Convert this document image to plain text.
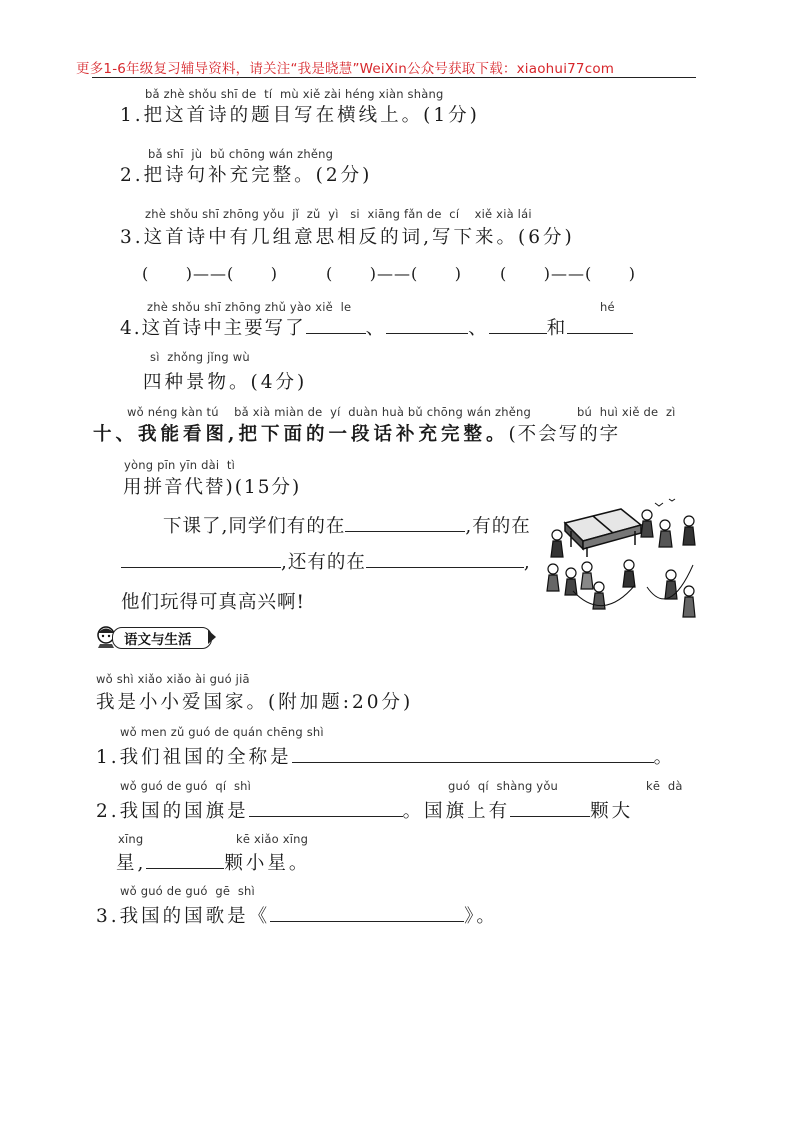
更多1-6年级复习辅导资料，请关注“我是晓慧”WeiXin公众号获取下载：xiaohui77com
bǎ zhè shǒu shī de  tí  mù xiě zài héng xiàn shàng
1.把这首诗的题目写在横线上。(1分)
bǎ shī  jù  bǔ chōng wán zhěng
2.把诗句补充完整。(2分)
zhè shǒu shī zhōng yǒu  jǐ  zǔ  yì   si  xiāng fǎn de  cí    xiě xià lái
3.这首诗中有几组意思相反的词,写下来。(6分)
(      )——(      )	(      )——(      ) (      )——(      )
zhè shǒu shī zhōng zhǔ yào xiě  le	hé
4.这首诗中主要写了	、	、	和
sì  zhǒng jǐng wù
四种景物。(4分)
wǒ néng kàn tú    bǎ xià miàn de  yí  duàn huà bǔ chōng wán zhěng	bú  huì xiě de  zì
十、我能看图,把下面的一段话补充完整。(不会写的字
yòng pīn yīn dài  tì
用拼音代替)(15分)
下课了,同学们有的在	,有的在
,还有的在	,
他们玩得可真高兴啊!
语文与生活
wǒ shì xiǎo xiǎo ài guó jiā
我是小小爱国家。(附加题:20分)
wǒ men zǔ guó de quán chēng shì
1.我们祖国的全称是	。
wǒ guó de guó  qí  shì	guó  qí  shàng yǒu	kē  dà
2.我国的国旗是	。国旗上有	颗大
xīng	kē xiǎo xīng
星,	颗小星。
wǒ guó de guó  gē  shì
3.我国的国歌是《	》。
